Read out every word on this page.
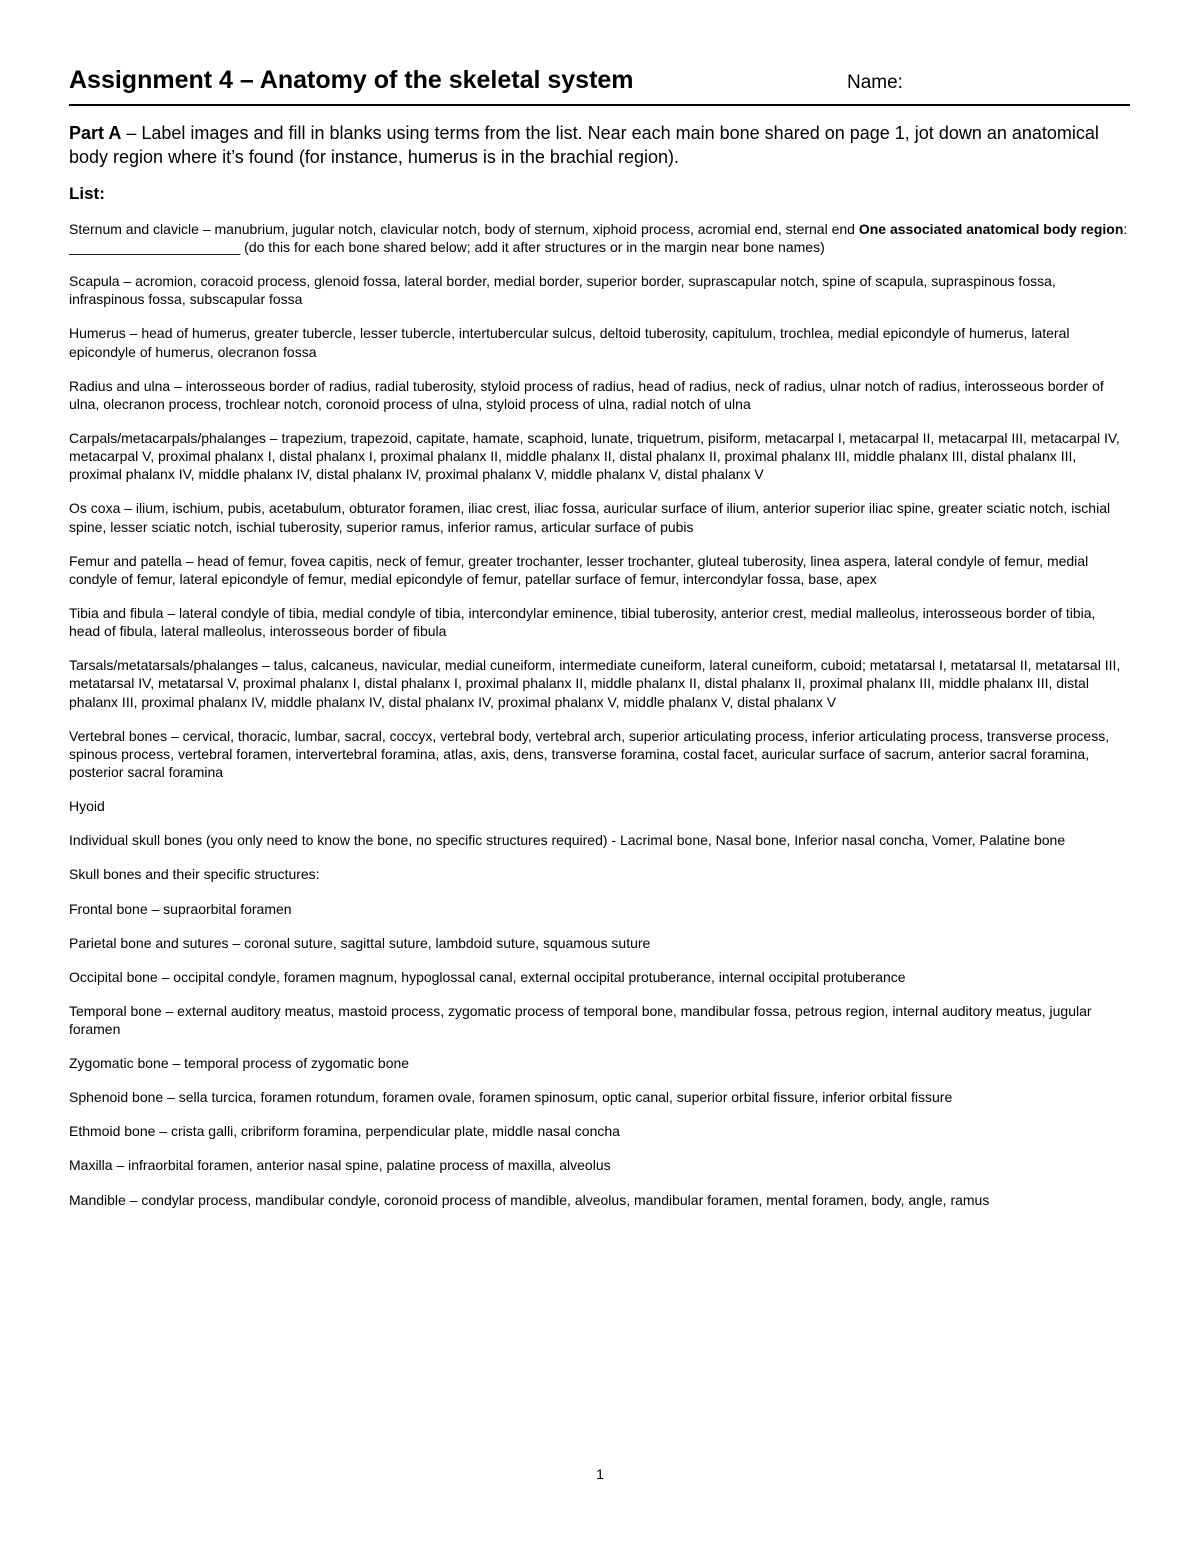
Assignment 4 – Anatomy of the skeletal system	Name:
Part A – Label images and fill in blanks using terms from the list. Near each main bone shared on page 1, jot down an anatomical body region where it’s found (for instance, humerus is in the brachial region).
List:

Sternum and clavicle – manubrium, jugular notch, clavicular notch, body of sternum, xiphoid process, acromial end, sternal end One associated anatomical body region: ______________________ (do this for each bone shared below; add it after structures or in the margin near bone names)

Scapula – acromion, coracoid process, glenoid fossa, lateral border, medial border, superior border, suprascapular notch, spine of scapula, supraspinous fossa, infraspinous fossa, subscapular fossa

Humerus – head of humerus, greater tubercle, lesser tubercle, intertubercular sulcus, deltoid tuberosity, capitulum, trochlea, medial epicondyle of humerus, lateral epicondyle of humerus, olecranon fossa

Radius and ulna – interosseous border of radius, radial tuberosity, styloid process of radius, head of radius, neck of radius, ulnar notch of radius, interosseous border of ulna, olecranon process, trochlear notch, coronoid process of ulna, styloid process of ulna, radial notch of ulna

Carpals/metacarpals/phalanges – trapezium, trapezoid, capitate, hamate, scaphoid, lunate, triquetrum, pisiform, metacarpal I, metacarpal II, metacarpal III, metacarpal IV, metacarpal V, proximal phalanx I, distal phalanx I, proximal phalanx II, middle phalanx II, distal phalanx II, proximal phalanx III, middle phalanx III, distal phalanx III, proximal phalanx IV, middle phalanx IV, distal phalanx IV, proximal phalanx V, middle phalanx V, distal phalanx V

Os coxa – ilium, ischium, pubis, acetabulum, obturator foramen, iliac crest, iliac fossa, auricular surface of ilium, anterior superior iliac spine, greater sciatic notch, ischial spine, lesser sciatic notch, ischial tuberosity, superior ramus, inferior ramus, articular surface of pubis

Femur and patella – head of femur, fovea capitis, neck of femur, greater trochanter, lesser trochanter, gluteal tuberosity, linea aspera, lateral condyle of femur, medial condyle of femur, lateral epicondyle of femur, medial epicondyle of femur, patellar surface of femur, intercondylar fossa, base, apex

Tibia and fibula – lateral condyle of tibia, medial condyle of tibia, intercondylar eminence, tibial tuberosity, anterior crest, medial malleolus, interosseous border of tibia, head of fibula, lateral malleolus, interosseous border of fibula

Tarsals/metatarsals/phalanges – talus, calcaneus, navicular, medial cuneiform, intermediate cuneiform, lateral cuneiform, cuboid; metatarsal I, metatarsal II, metatarsal III, metatarsal IV, metatarsal V, proximal phalanx I, distal phalanx I, proximal phalanx II, middle phalanx II, distal phalanx II, proximal phalanx III, middle phalanx III, distal phalanx III, proximal phalanx IV, middle phalanx IV, distal phalanx IV, proximal phalanx V, middle phalanx V, distal phalanx V

Vertebral bones – cervical, thoracic, lumbar, sacral, coccyx, vertebral body, vertebral arch, superior articulating process, inferior articulating process, transverse process, spinous process, vertebral foramen, intervertebral foramina, atlas, axis, dens, transverse foramina, costal facet, auricular surface of sacrum, anterior sacral foramina, posterior sacral foramina

Hyoid

Individual skull bones (you only need to know the bone, no specific structures required) - Lacrimal bone, Nasal bone, Inferior nasal concha, Vomer, Palatine bone

Skull bones and their specific structures:

Frontal bone – supraorbital foramen

Parietal bone and sutures – coronal suture, sagittal suture, lambdoid suture, squamous suture

Occipital bone – occipital condyle, foramen magnum, hypoglossal canal, external occipital protuberance, internal occipital protuberance

Temporal bone – external auditory meatus, mastoid process, zygomatic process of temporal bone, mandibular fossa, petrous region, internal auditory meatus, jugular foramen

Zygomatic bone – temporal process of zygomatic bone

Sphenoid bone – sella turcica, foramen rotundum, foramen ovale, foramen spinosum, optic canal, superior orbital fissure, inferior orbital fissure

Ethmoid bone – crista galli, cribriform foramina, perpendicular plate, middle nasal concha

Maxilla – infraorbital foramen, anterior nasal spine, palatine process of maxilla, alveolus

Mandible – condylar process, mandibular condyle, coronoid process of mandible, alveolus, mandibular foramen, mental foramen, body, angle, ramus

1
